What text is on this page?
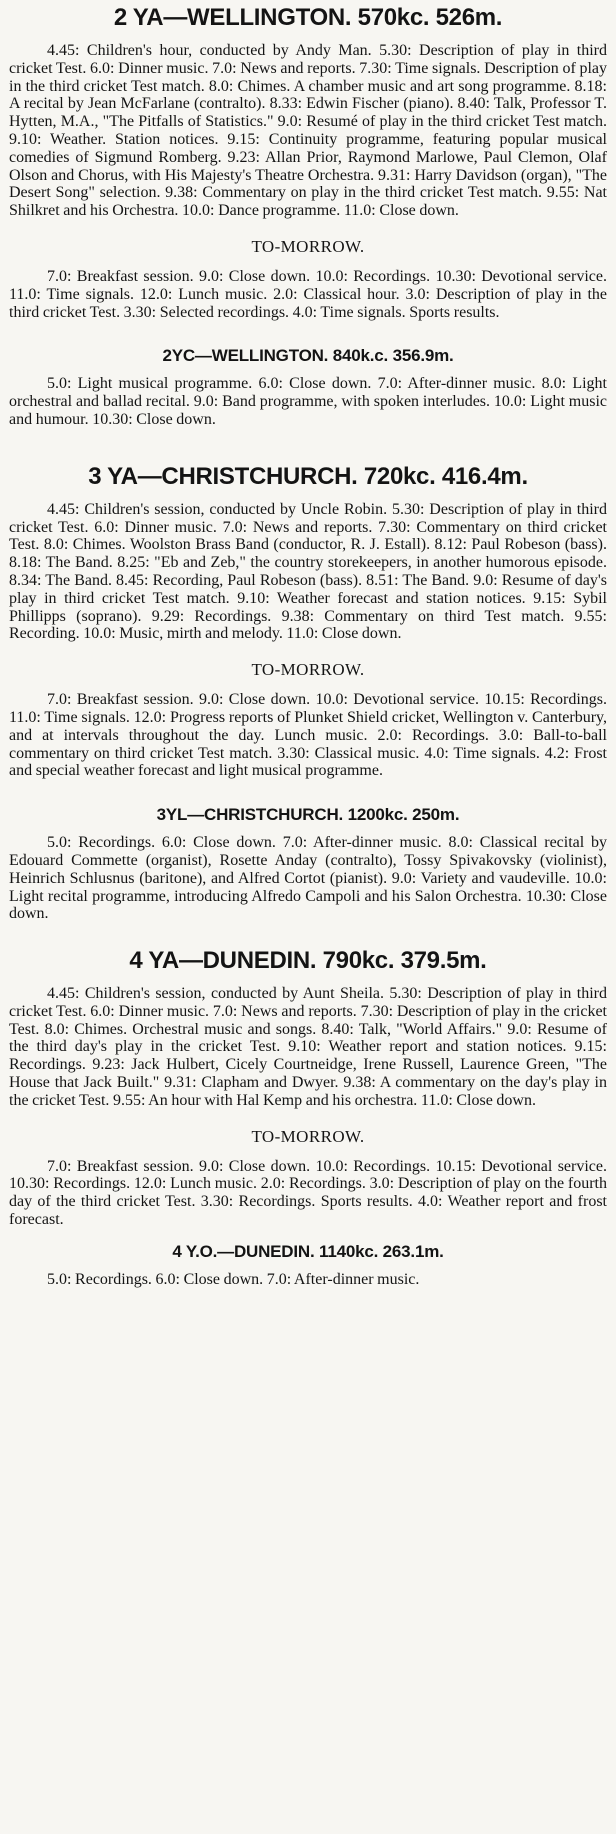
2 YA—WELLINGTON. 570kc. 526m.

4.45: Children's hour, conducted by Andy Man. 5.30: Description of play in third cricket Test. 6.0: Dinner music. 7.0: News and reports. 7.30: Time signals. Description of play in the third cricket Test match. 8.0: Chimes. A chamber music and art song programme. 8.18: A recital by Jean McFarlane (contralto). 8.33: Edwin Fischer (piano). 8.40: Talk, Professor T. Hytten, M.A., "The Pitfalls of Statistics." 9.0: Resumé of play in the third cricket Test match. 9.10: Weather. Station notices. 9.15: Continuity programme, featuring popular musical comedies of Sigmund Romberg. 9.23: Allan Prior, Raymond Marlowe, Paul Clemon, Olaf Olson and Chorus, with His Majesty's Theatre Orchestra. 9.31: Harry Davidson (organ), "The Desert Song" selection. 9.38: Commentary on play in the third cricket Test match. 9.55: Nat Shilkret and his Orchestra. 10.0: Dance programme. 11.0: Close down.

TO-MORROW.

7.0: Breakfast session. 9.0: Close down. 10.0: Recordings. 10.30: Devotional service. 11.0: Time signals. 12.0: Lunch music. 2.0: Classical hour. 3.0: Description of play in the third cricket Test. 3.30: Selected recordings. 4.0: Time signals. Sports results.

2YC—WELLINGTON. 840k.c. 356.9m.

5.0: Light musical programme. 6.0: Close down. 7.0: After-dinner music. 8.0: Light orchestral and ballad recital. 9.0: Band programme, with spoken interludes. 10.0: Light music and humour. 10.30: Close down.

3 YA—CHRISTCHURCH. 720kc. 416.4m.

4.45: Children's session, conducted by Uncle Robin. 5.30: Description of play in third cricket Test. 6.0: Dinner music. 7.0: News and reports. 7.30: Commentary on third cricket Test. 8.0: Chimes. Woolston Brass Band (conductor, R. J. Estall). 8.12: Paul Robeson (bass). 8.18: The Band. 8.25: "Eb and Zeb," the country storekeepers, in another humorous episode. 8.34: The Band. 8.45: Recording, Paul Robeson (bass). 8.51: The Band. 9.0: Resume of day's play in third cricket Test match. 9.10: Weather forecast and station notices. 9.15: Sybil Phillipps (soprano). 9.29: Recordings. 9.38: Commentary on third Test match. 9.55: Recording. 10.0: Music, mirth and melody. 11.0: Close down.

TO-MORROW.

7.0: Breakfast session. 9.0: Close down. 10.0: Devotional service. 10.15: Recordings. 11.0: Time signals. 12.0: Progress reports of Plunket Shield cricket, Wellington v. Canterbury, and at intervals throughout the day. Lunch music. 2.0: Recordings. 3.0: Ball-to-ball commentary on third cricket Test match. 3.30: Classical music. 4.0: Time signals. 4.2: Frost and special weather forecast and light musical programme.

3YL—CHRISTCHURCH. 1200kc. 250m.

5.0: Recordings. 6.0: Close down. 7.0: After-dinner music. 8.0: Classical recital by Edouard Commette (organist), Rosette Anday (contralto), Tossy Spivakovsky (violinist), Heinrich Schlusnus (baritone), and Alfred Cortot (pianist). 9.0: Variety and vaudeville. 10.0: Light recital programme, introducing Alfredo Campoli and his Salon Orchestra. 10.30: Close down.

4 YA—DUNEDIN. 790kc. 379.5m.

4.45: Children's session, conducted by Aunt Sheila. 5.30: Description of play in third cricket Test. 6.0: Dinner music. 7.0: News and reports. 7.30: Description of play in the cricket Test. 8.0: Chimes. Orchestral music and songs. 8.40: Talk, "World Affairs." 9.0: Resume of the third day's play in the cricket Test. 9.10: Weather report and station notices. 9.15: Recordings. 9.23: Jack Hulbert, Cicely Courtneidge, Irene Russell, Laurence Green, "The House that Jack Built." 9.31: Clapham and Dwyer. 9.38: A commentary on the day's play in the cricket Test. 9.55: An hour with Hal Kemp and his orchestra. 11.0: Close down.

TO-MORROW.

7.0: Breakfast session. 9.0: Close down. 10.0: Recordings. 10.15: Devotional service. 10.30: Recordings. 12.0: Lunch music. 2.0: Recordings. 3.0: Description of play on the fourth day of the third cricket Test. 3.30: Recordings. Sports results. 4.0: Weather report and frost forecast.

4 Y.O.—DUNEDIN. 1140kc. 263.1m.

5.0: Recordings. 6.0: Close down. 7.0: After-dinner music.
